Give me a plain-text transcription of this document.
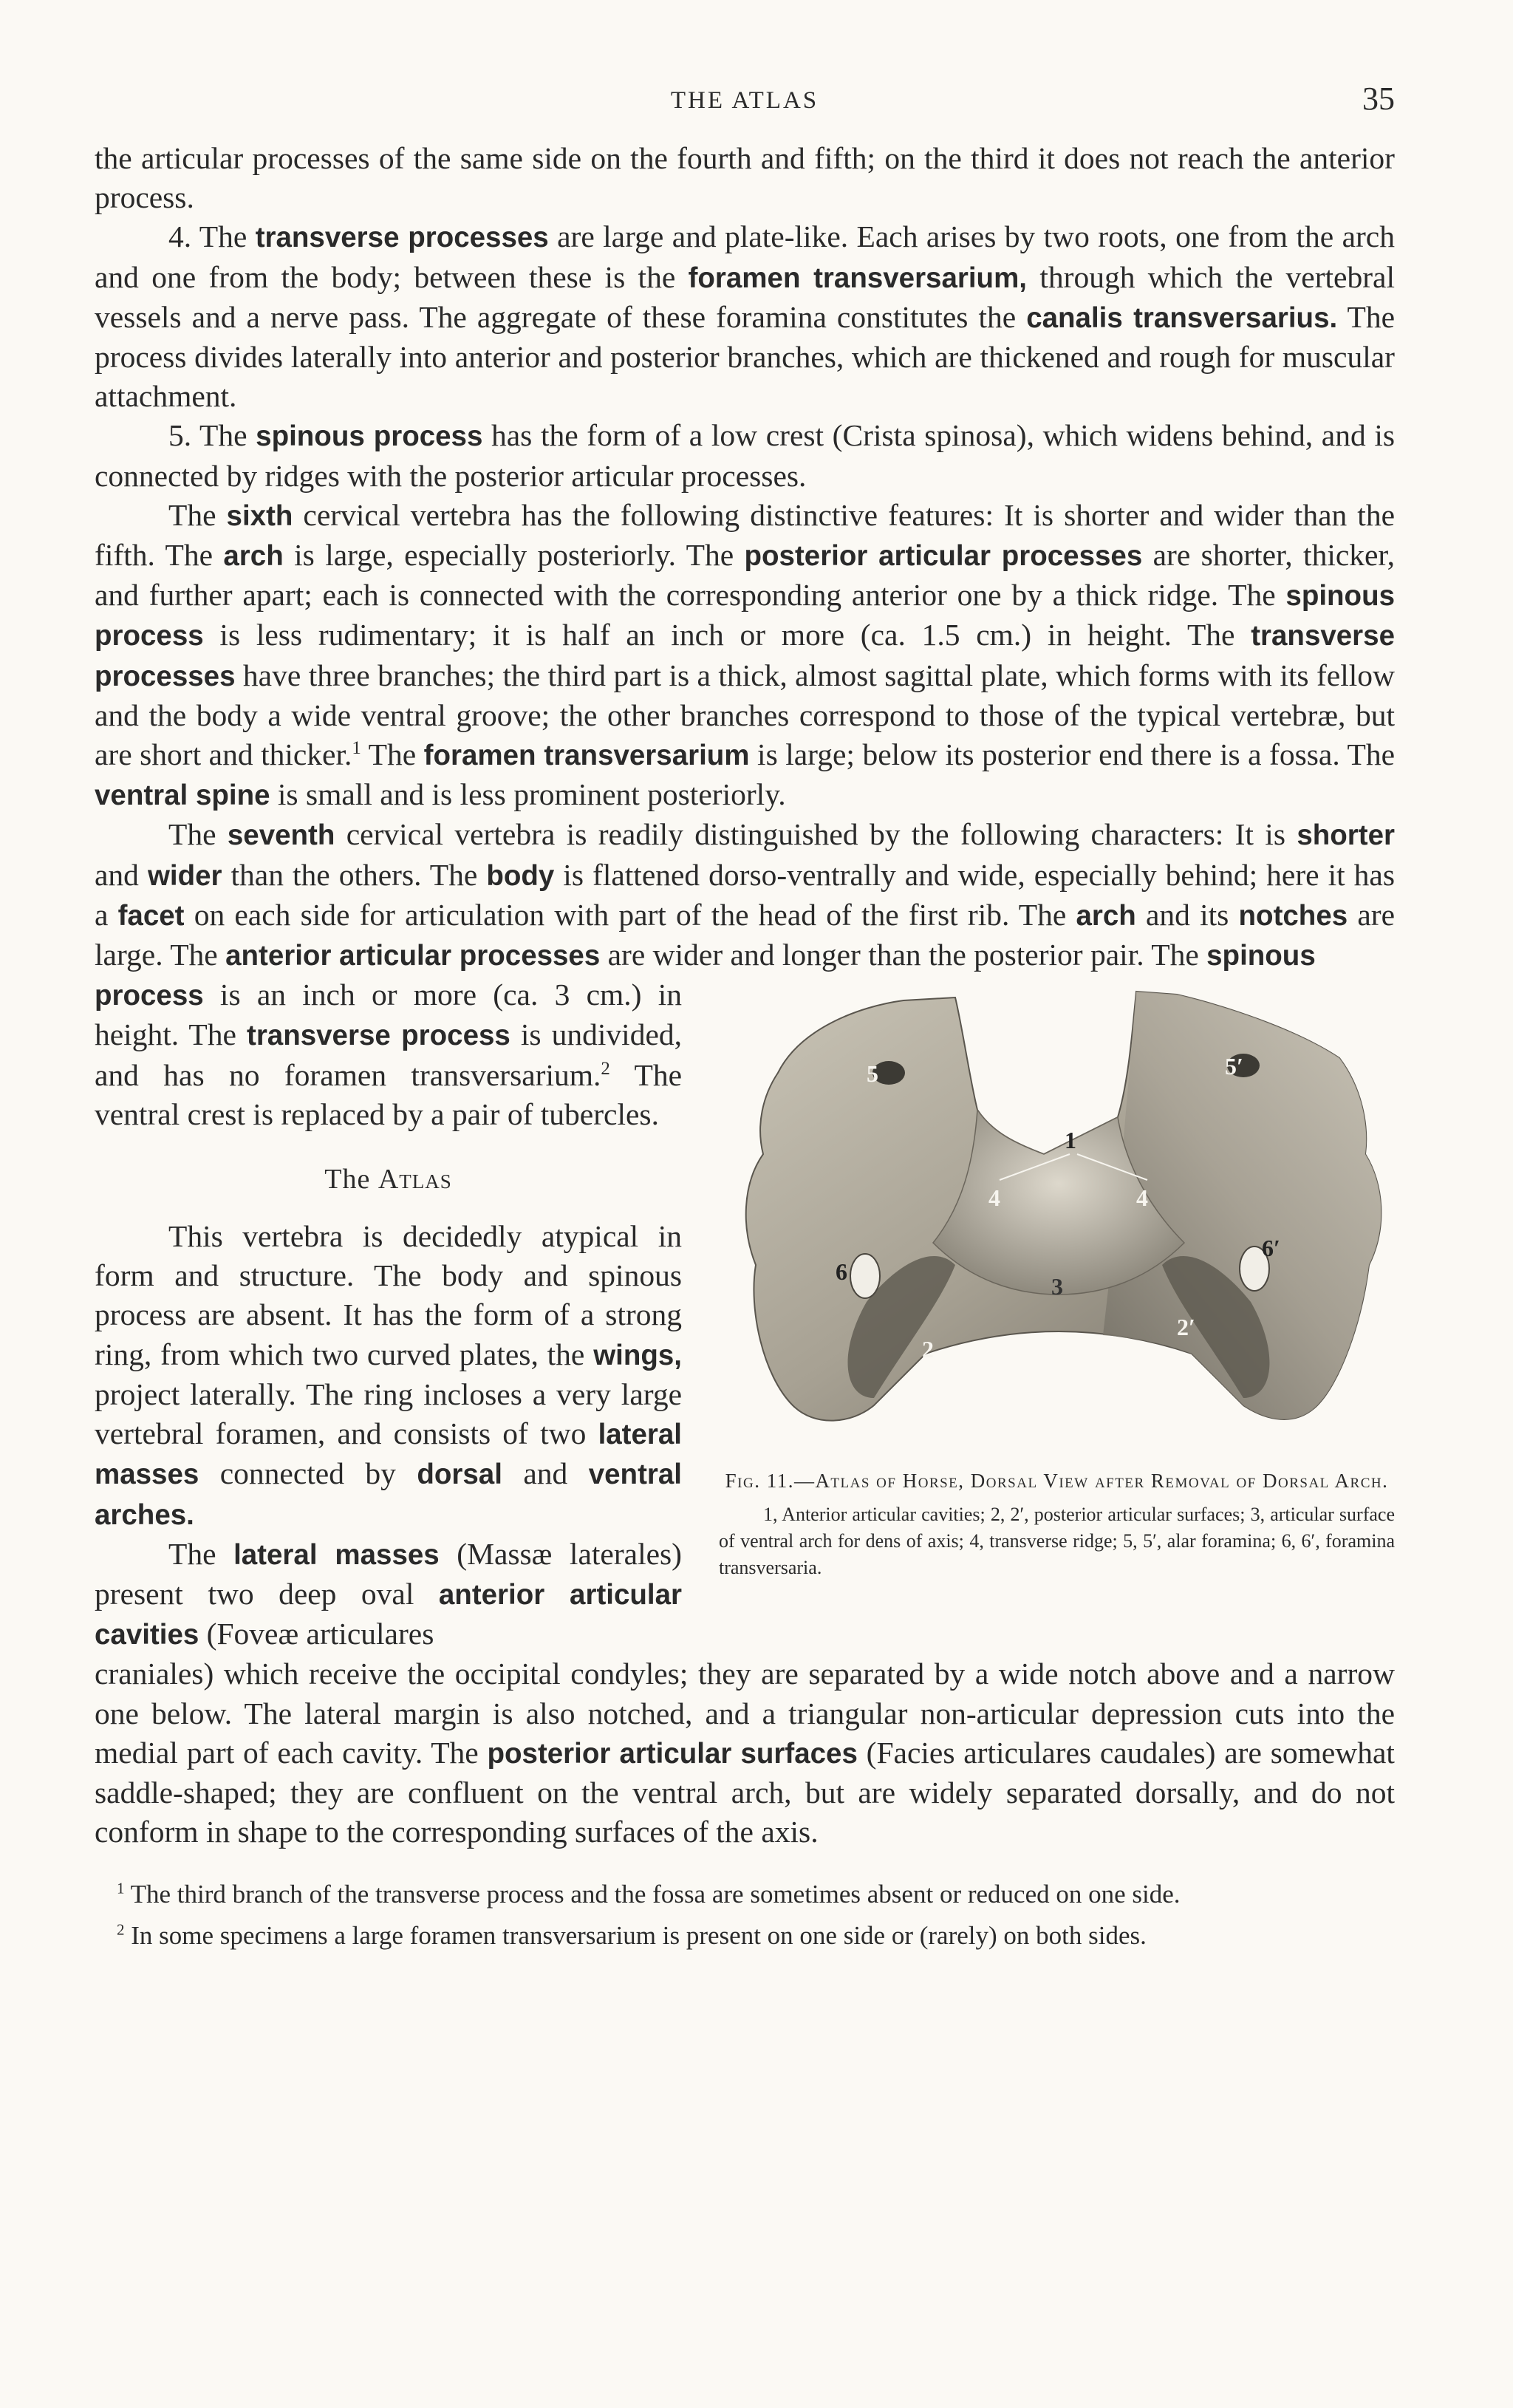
THE ATLAS	35

the articular processes of the same side on the fourth and fifth; on the third it does not reach the anterior process.

4. The transverse processes are large and plate-like. Each arises by two roots, one from the arch and one from the body; between these is the foramen transversarium, through which the vertebral vessels and a nerve pass. The aggregate of these foramina constitutes the canalis transversarius. The process divides laterally into anterior and posterior branches, which are thickened and rough for muscular attachment.

5. The spinous process has the form of a low crest (Crista spinosa), which widens behind, and is connected by ridges with the posterior articular processes.

The sixth cervical vertebra has the following distinctive features: It is shorter and wider than the fifth. The arch is large, especially posteriorly. The posterior articular processes are shorter, thicker, and further apart; each is connected with the corresponding anterior one by a thick ridge. The spinous process is less rudimentary; it is half an inch or more (ca. 1.5 cm.) in height. The transverse processes have three branches; the third part is a thick, almost sagittal plate, which forms with its fellow and the body a wide ventral groove; the other branches correspond to those of the typical vertebræ, but are short and thicker.$^1$ The foramen transversarium is large; below its posterior end there is a fossa. The ventral spine is small and is less prominent posteriorly.

The seventh cervical vertebra is readily distinguished by the following characters: It is shorter and wider than the others. The body is flattened dorso-ventrally and wide, especially behind; here it has a facet on each side for articulation with part of the head of the first rib. The arch and its notches are large. The anterior articular processes are wider and longer than the posterior pair. The spinous

process is an inch or more (ca. 3 cm.) in height. The transverse process is undivided, and has no foramen transversarium.$^2$ The ventral crest is replaced by a pair of tubercles.

The Atlas

This vertebra is decidedly atypical in form and structure. The body and spinous process are absent. It has the form of a strong ring, from which two curved plates, the wings, project laterally. The ring incloses a very large vertebral foramen, and consists of two lateral masses connected by dorsal and ventral arches.

The lateral masses (Massæ laterales) present two deep oval anterior articular cavities (Foveæ articulares

1
4	4
3
2
2′
5	5′
6
6′
Fig. 11.—Atlas of Horse, Dorsal View after Removal of Dorsal Arch.
1, Anterior articular cavities; 2, 2′, posterior articular surfaces; 3, articular surface of ventral arch for dens of axis; 4, transverse ridge; 5, 5′, alar foramina; 6, 6′, foramina transversaria.

craniales) which receive the occipital condyles; they are separated by a wide notch above and a narrow one below. The lateral margin is also notched, and a triangular non-articular depression cuts into the medial part of each cavity. The posterior articular surfaces (Facies articulares caudales) are somewhat saddle-shaped; they are confluent on the ventral arch, but are widely separated dorsally, and do not conform in shape to the corresponding surfaces of the axis.

$^1$ The third branch of the transverse process and the fossa are sometimes absent or reduced on one side.

$^2$ In some specimens a large foramen transversarium is present on one side or (rarely) on both sides.
